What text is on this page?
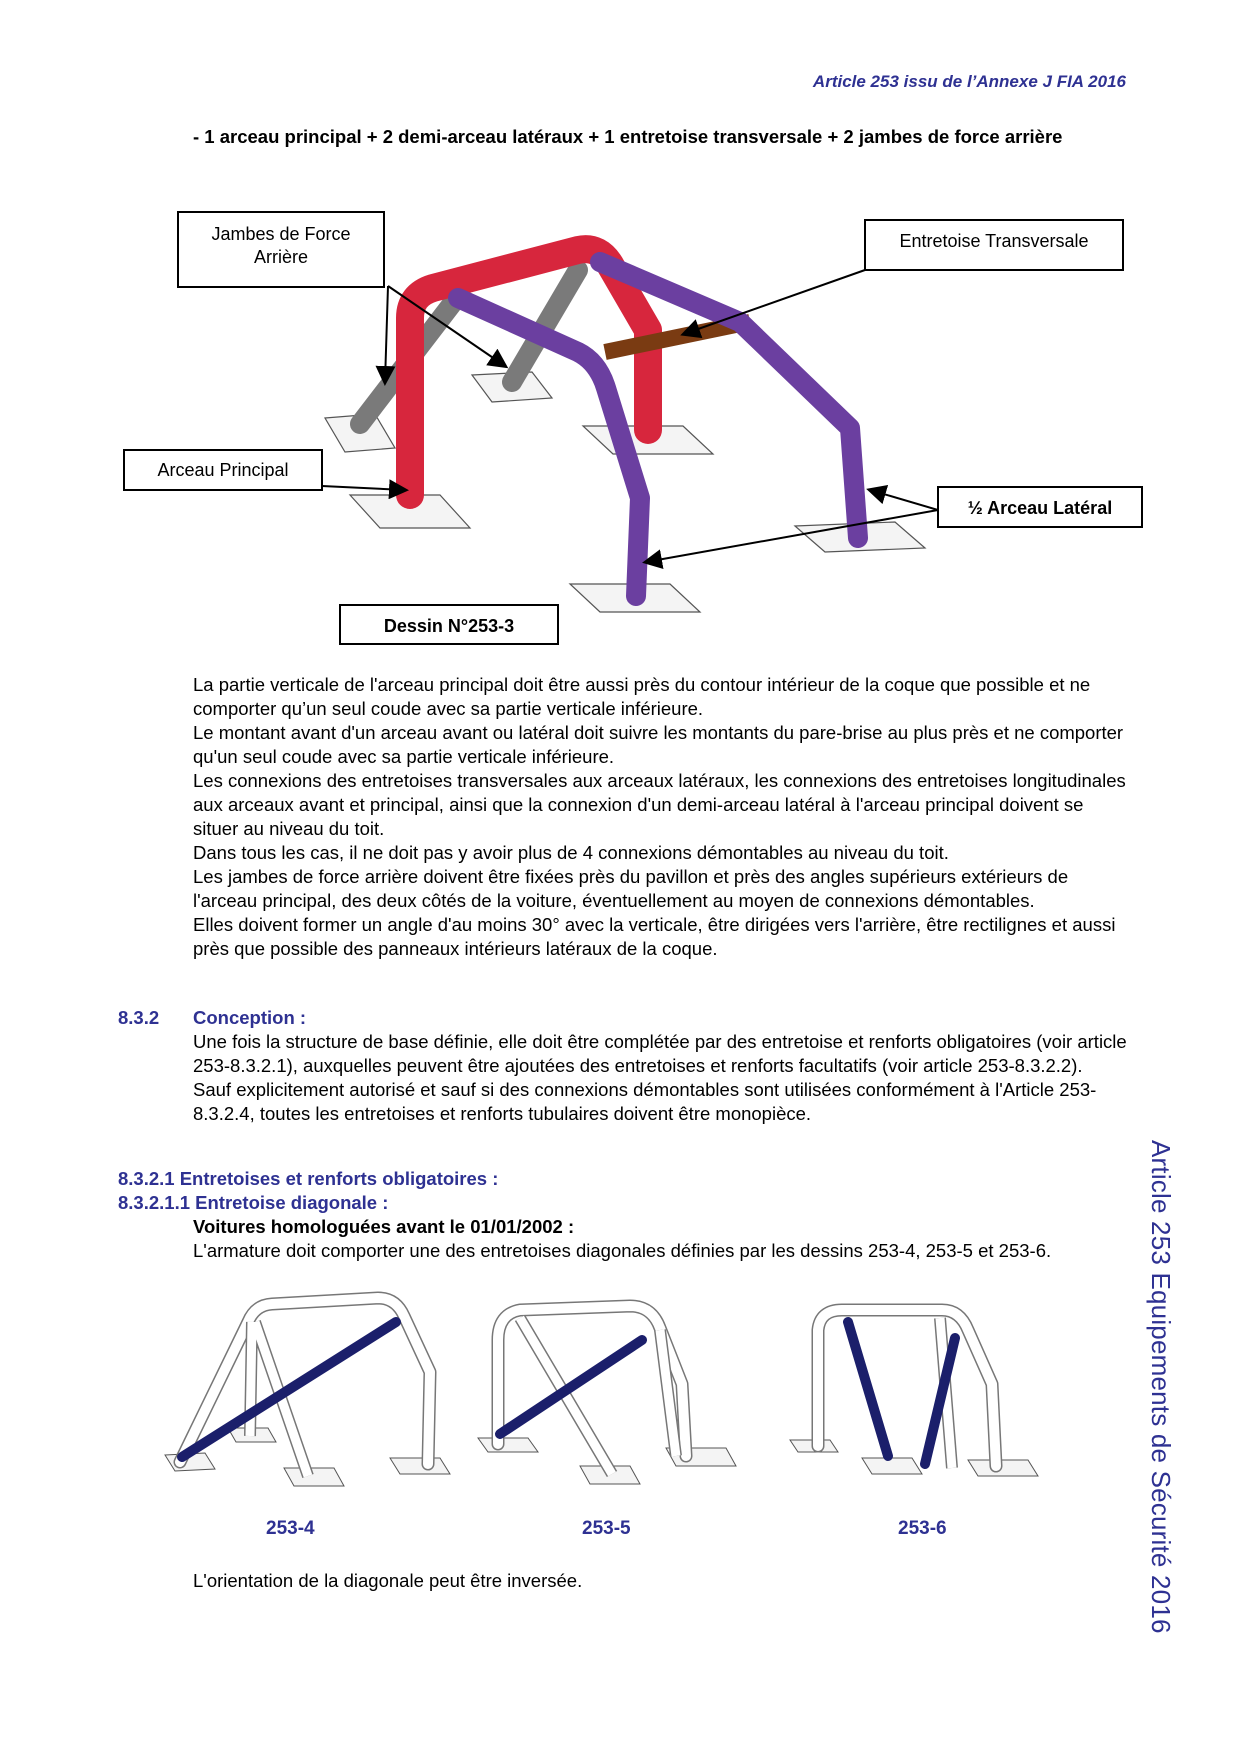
Article 253 issu de l’Annexe J FIA 2016
- 1 arceau principal + 2 demi-arceau latéraux + 1 entretoise transversale + 2 jambes de force arrière
Jambes de Force
Arrière
Entretoise Transversale
Arceau Principal
½ Arceau Latéral
Dessin N°253-3

La partie verticale de l'arceau principal doit être aussi près du contour intérieur de la coque que possible et ne comporter qu’un seul coude avec sa partie verticale inférieure.

Le montant avant d'un arceau avant ou latéral doit suivre les montants du pare-brise au plus près et ne comporter qu'un seul coude avec sa partie verticale inférieure.

Les connexions des entretoises transversales aux arceaux latéraux, les connexions des entretoises longitudinales aux arceaux avant et principal, ainsi que la connexion d'un demi-arceau latéral à l'arceau principal doivent se situer au niveau du toit.

Dans tous les cas, il ne doit pas y avoir plus de 4 connexions démontables au niveau du toit.

Les jambes de force arrière doivent être fixées près du pavillon et près des angles supérieurs extérieurs de l'arceau principal, des deux côtés de la voiture, éventuellement au moyen de connexions démontables.

Elles doivent former un angle d'au moins 30° avec la verticale, être dirigées vers l'arrière, être rectilignes et aussi près que possible des panneaux intérieurs latéraux de la coque.

8.3.2 Conception :

Une fois la structure de base définie, elle doit être complétée par des entretoise et renforts obligatoires (voir article 253-8.3.2.1), auxquelles peuvent être ajoutées des entretoises et renforts facultatifs (voir article 253-8.3.2.2).

Sauf explicitement autorisé et sauf si des connexions démontables sont utilisées conformément à l'Article 253-8.3.2.4, toutes les entretoises et renforts tubulaires doivent être monopièce.

8.3.2.1 Entretoises et renforts obligatoires :
8.3.2.1.1 Entretoise diagonale :
Voitures homologuées avant le 01/01/2002 :

L'armature doit comporter une des entretoises diagonales définies par les dessins 253-4, 253-5 et 253-6.

253-4	253-5	253-6
L'orientation de la diagonale peut être inversée.	Article 253 Equipements de Sécurité 2016
